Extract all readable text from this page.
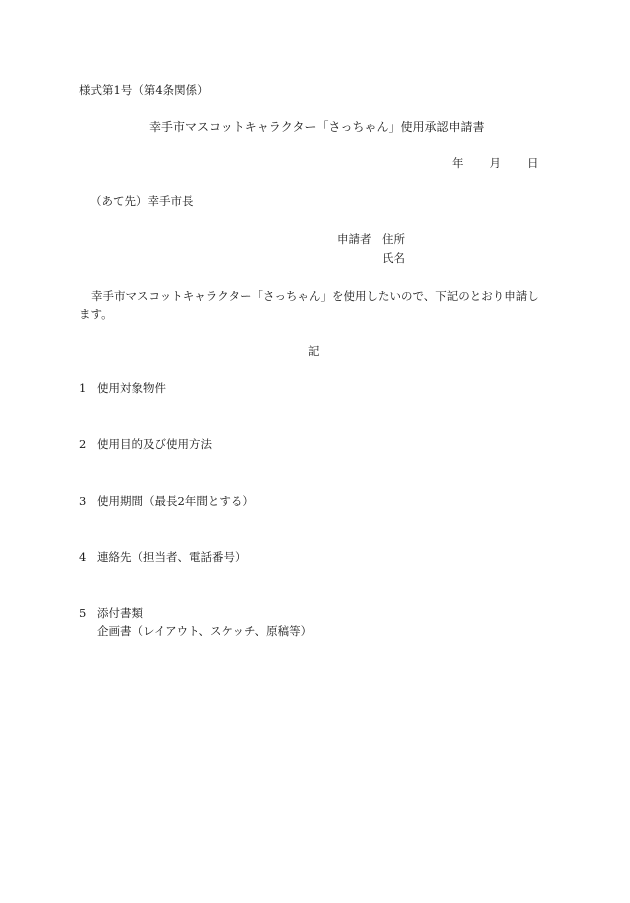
様式第1号（第4条関係）
幸手市マスコットキャラクター「さっちゃん」使用承認申請書
年 月 日
（あて先）幸手市長
申請者 住所
氏名
幸手市マスコットキャラクター「さっちゃん」を使用したいので、下記のとおり申請します。
記
1 使用対象物件
2 使用目的及び使用方法
3 使用期間（最長2年間とする）
4 連絡先（担当者、電話番号）
5 添付書類
企画書（レイアウト、スケッチ、原稿等）
